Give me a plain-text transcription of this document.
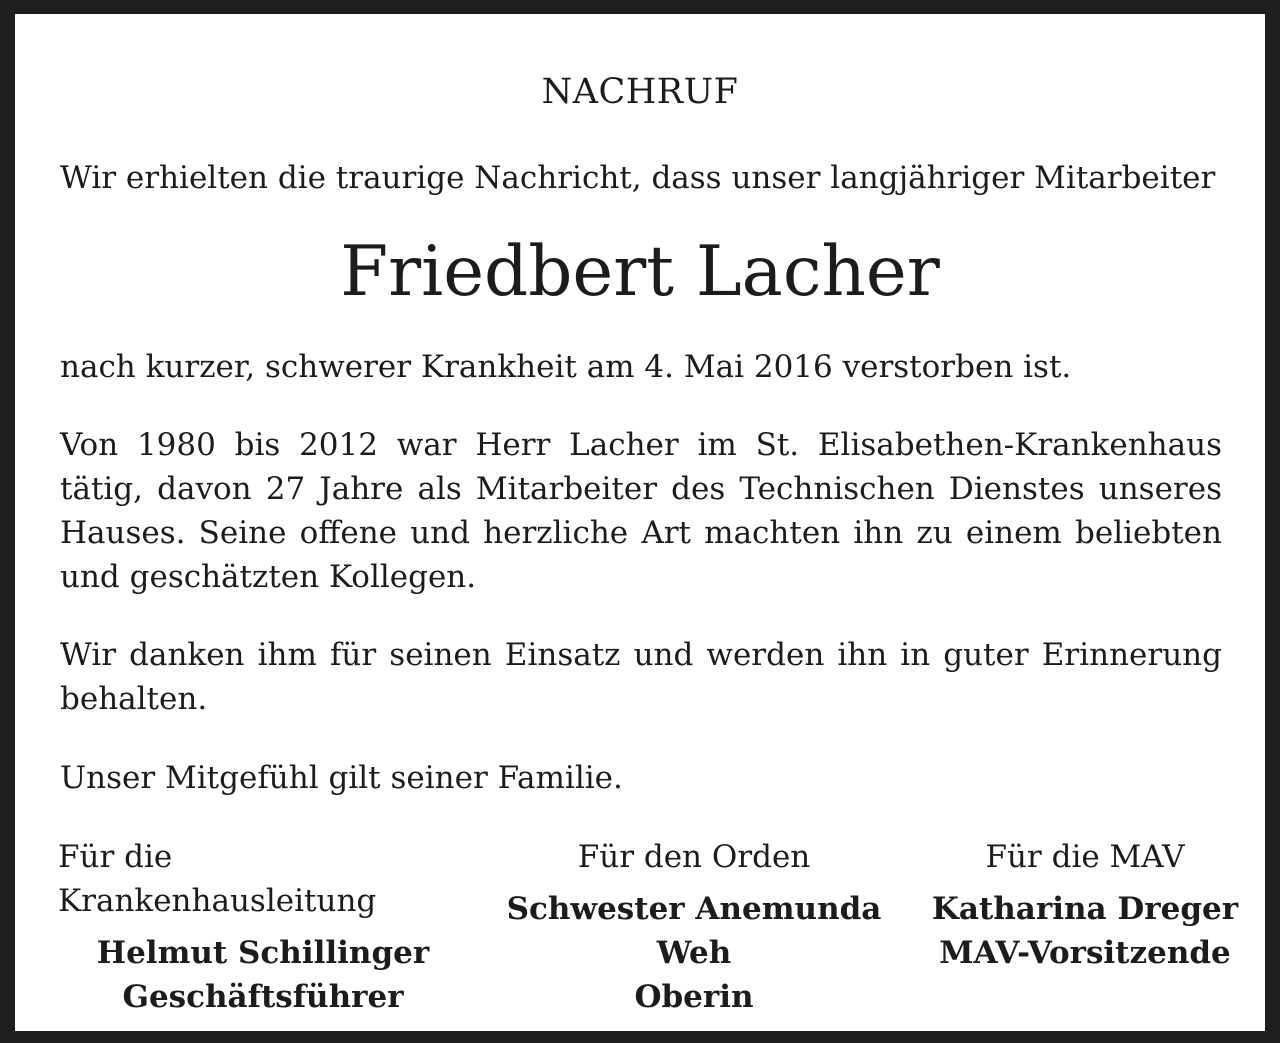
NACHRUF
Wir erhielten die traurige Nachricht, dass unser langjähriger Mitarbeiter
Friedbert Lacher
nach kurzer, schwerer Krankheit am 4. Mai 2016 verstorben ist.
Von 1980 bis 2012 war Herr Lacher im St. Elisabethen-Krankenhaus tätig, davon 27 Jahre als Mitarbeiter des Technischen Dienstes unseres Hauses. Seine offene und herzliche Art machten ihn zu einem beliebten und geschätzten Kollegen.
Wir danken ihm für seinen Einsatz und werden ihn in guter Erinnerung behalten.
Unser Mitgefühl gilt seiner Familie.
Für die Krankenhausleitung
Helmut Schillinger
Geschäftsführer
Für den Orden
Schwester Anemunda Weh
Oberin
Für die MAV
Katharina Dreger
MAV-Vorsitzende
